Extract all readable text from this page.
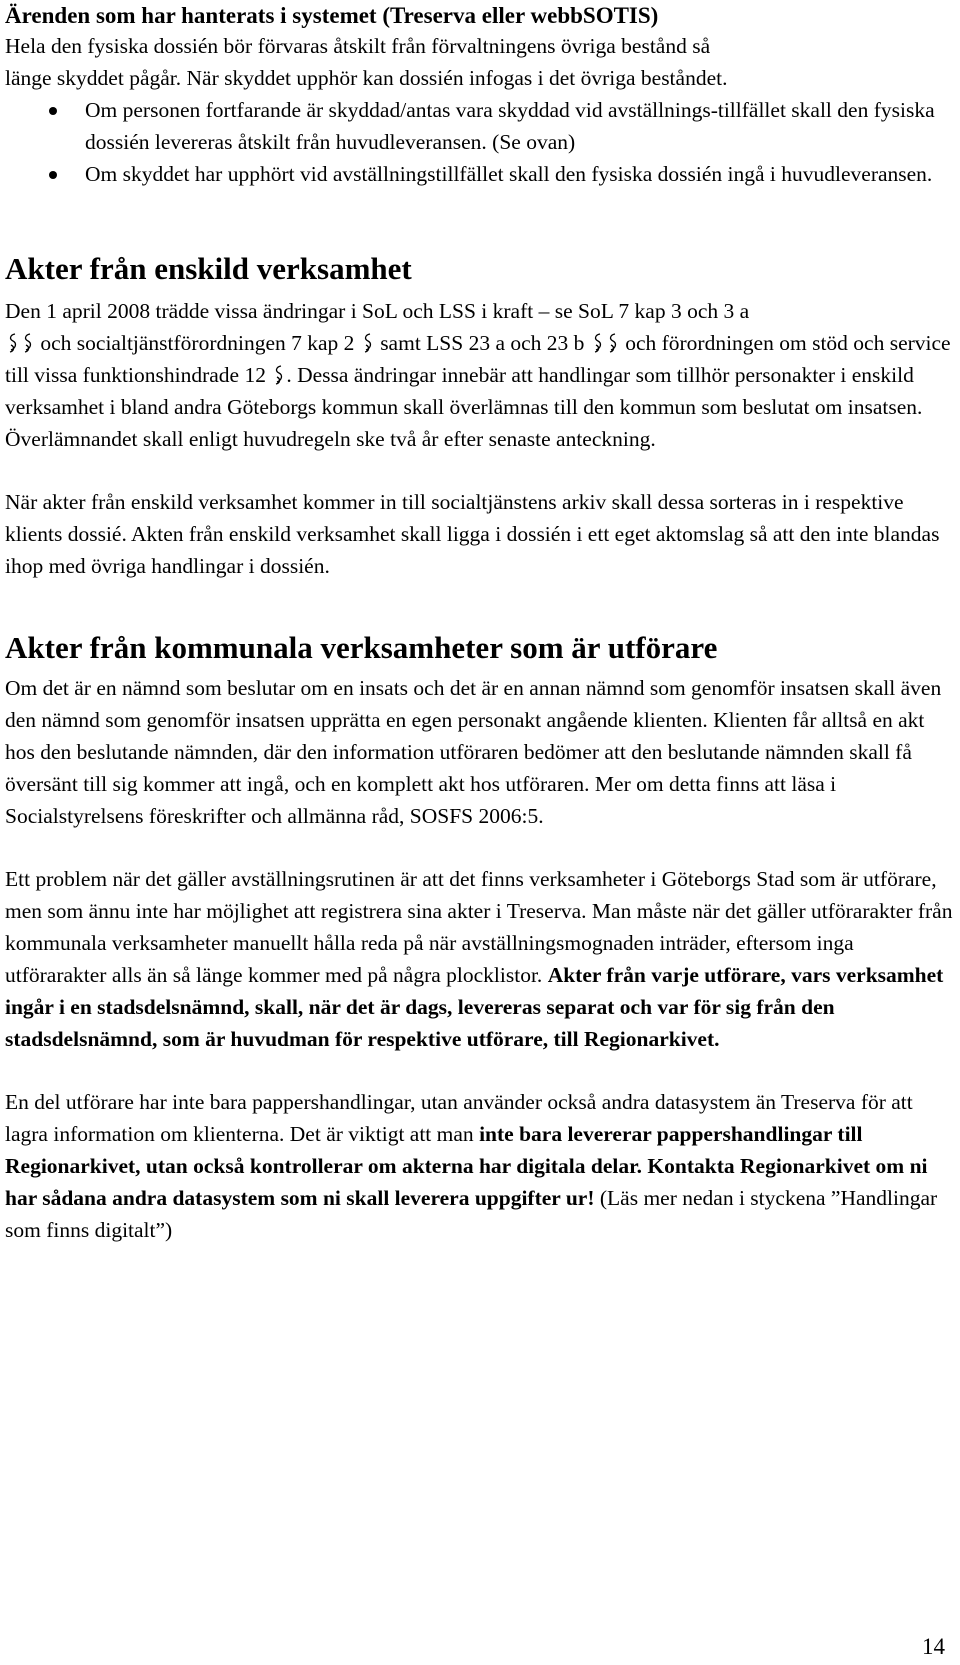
Ärenden som har hanterats i systemet (Treserva eller webbSOTIS)

Hela den fysiska dossién bör förvaras åtskilt från förvaltningens övriga bestånd så

länge skyddet pågår. När skyddet upphör kan dossién infogas i det övriga beståndet.

Om personen fortfarande är skyddad/antas vara skyddad vid avställnings-tillfället skall den fysiska dossién levereras åtskilt från huvudleveransen. (Se ovan)
Om skyddet har upphört vid avställningstillfället skall den fysiska dossién ingå i huvudleveransen.
Akter från enskild verksamhet

Den 1 april 2008 trädde vissa ändringar i SoL och LSS i kraft – se SoL 7 kap 3 och 3 a

och socialtjänstförordningen 7 kap 2 samt LSS 23 a och 23 b och förordningen om stöd och service till vissa funktionshindrade 12 . Dessa ändringar innebär att handlingar som tillhör personakter i enskild verksamhet i bland andra Göteborgs kommun skall överlämnas till den kommun som beslutat om insatsen. Överlämnandet skall enligt huvudregeln ske två år efter senaste anteckning.

När akter från enskild verksamhet kommer in till socialtjänstens arkiv skall dessa sorteras in i respektive klients dossié. Akten från enskild verksamhet skall ligga i dossién i ett eget aktomslag så att den inte blandas ihop med övriga handlingar i dossién.

Akter från kommunala verksamheter som är utförare

Om det är en nämnd som beslutar om en insats och det är en annan nämnd som genomför insatsen skall även den nämnd som genomför insatsen upprätta en egen personakt angående klienten. Klienten får alltså en akt hos den beslutande nämnden, där den information utföraren bedömer att den beslutande nämnden skall få översänt till sig kommer att ingå, och en komplett akt hos utföraren. Mer om detta finns att läsa i Socialstyrelsens föreskrifter och allmänna råd, SOSFS 2006:5.

Ett problem när det gäller avställningsrutinen är att det finns verksamheter i Göteborgs Stad som är utförare, men som ännu inte har möjlighet att registrera sina akter i Treserva. Man måste när det gäller utförarakter från kommunala verksamheter manuellt hålla reda på när avställningsmognaden inträder, eftersom inga utförarakter alls än så länge kommer med på några plocklistor. Akter från varje utförare, vars verksamhet ingår i en stadsdelsnämnd, skall, när det är dags, levereras separat och var för sig från den stadsdelsnämnd, som är huvudman för respektive utförare, till Regionarkivet.

En del utförare har inte bara pappershandlingar, utan använder också andra datasystem än Treserva för att lagra information om klienterna. Det är viktigt att man inte bara levererar pappershandlingar till Regionarkivet, utan också kontrollerar om akterna har digitala delar. Kontakta Regionarkivet om ni har sådana andra datasystem som ni skall leverera uppgifter ur! (Läs mer nedan i styckena ”Handlingar som finns digitalt”)

14
